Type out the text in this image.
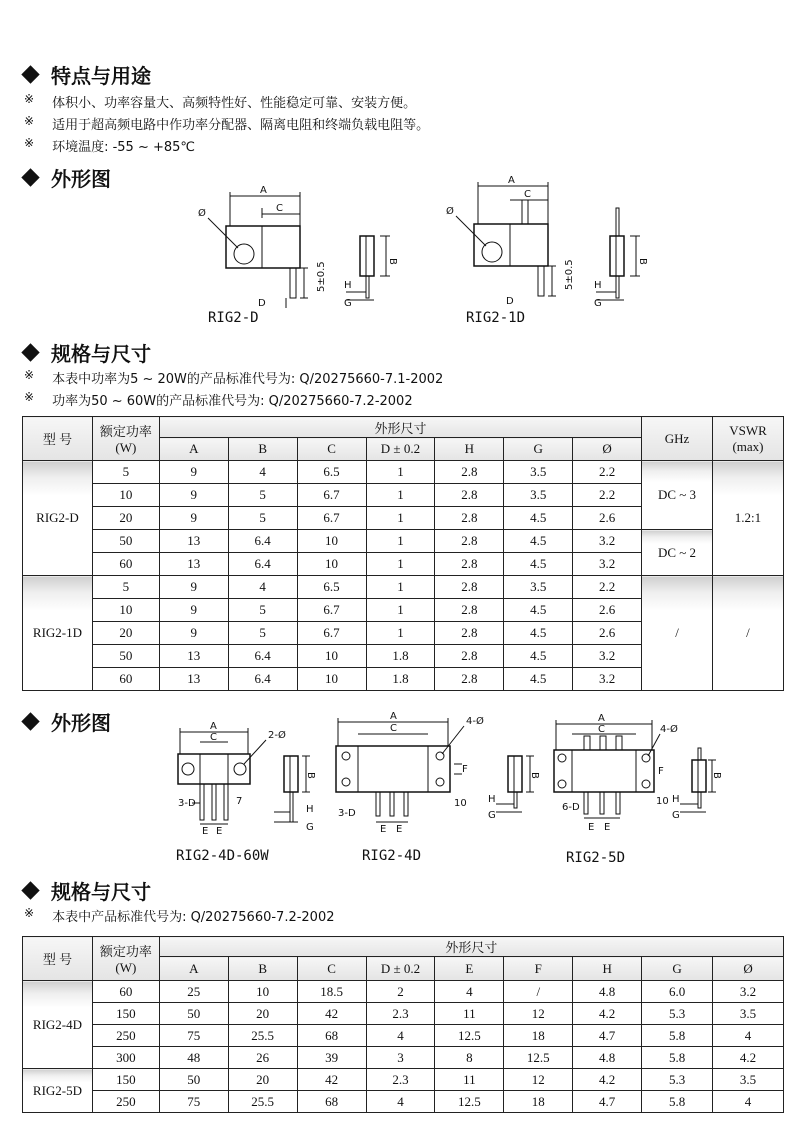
特点与用途
※ 体积小、功率容量大、高频特性好、性能稳定可靠、安装方便。
※ 适用于超高频电路中作功率分配器、隔离电阻和终端负载电阻等。
※ 环境温度: -55 ~ +85℃
外形图	A
C
Ø
5±0.5
D
RIG2-D
B
H
G
A
C
Ø
5±0.5
D
RIG2-1D
B
H
G
规格与尺寸
※ 本表中功率为5 ~ 20W的产品标准代号为: Q/20275660-7.1-2002
※ 功率为50 ~ 60W的产品标准代号为: Q/20275660-7.2-2002
型 号	额定功率
(W)	外形尺寸							GHz	VSWR
(max)
		A	B	C	D ± 0.2	H	G	Ø		
RIG2-D	5	9	4	6.5	1	2.8	3.5	2.2	DC ~ 3	1.2:1
	10	9	5	6.7	1	2.8	3.5	2.2		
	20	9	5	6.7	1	2.8	4.5	2.6		
	50	13	6.4	10	1	2.8	4.5	3.2	DC ~ 2	
	60	13	6.4	10	1	2.8	4.5	3.2		
RIG2-1D	5	9	4	6.5	1	2.8	3.5	2.2	/	/
	10	9	5	6.7	1	2.8	4.5	2.6		
	20	9	5	6.7	1	2.8	4.5	2.6		
	50	13	6.4	10	1.8	2.8	4.5	3.2		
	60	13	6.4	10	1.8	2.8	4.5	3.2		
外形图	A
C	2-Ø
3-D	7
E E
RIG2-4D-60W
B
H
G
A
C
4-Ø
F
10
3-D
E E
RIG2-4D
B
H
G
A
C	4-Ø
F
10
6-D
E E
RIG2-5D
B
H
G
规格与尺寸
※ 本表中产品标准代号为: Q/20275660-7.2-2002
型 号	额定功率
(W)	外形尺寸								
		A	B	C	D ± 0.2	E	F	H	G	Ø
RIG2-4D	60	25	10	18.5	2	4	/	4.8	6.0	3.2
	150	50	20	42	2.3	11	12	4.2	5.3	3.5
	250	75	25.5	68	4	12.5	18	4.7	5.8	4
	300	48	26	39	3	8	12.5	4.8	5.8	4.2
RIG2-5D	150	50	20	42	2.3	11	12	4.2	5.3	3.5
	250	75	25.5	68	4	12.5	18	4.7	5.8	4
